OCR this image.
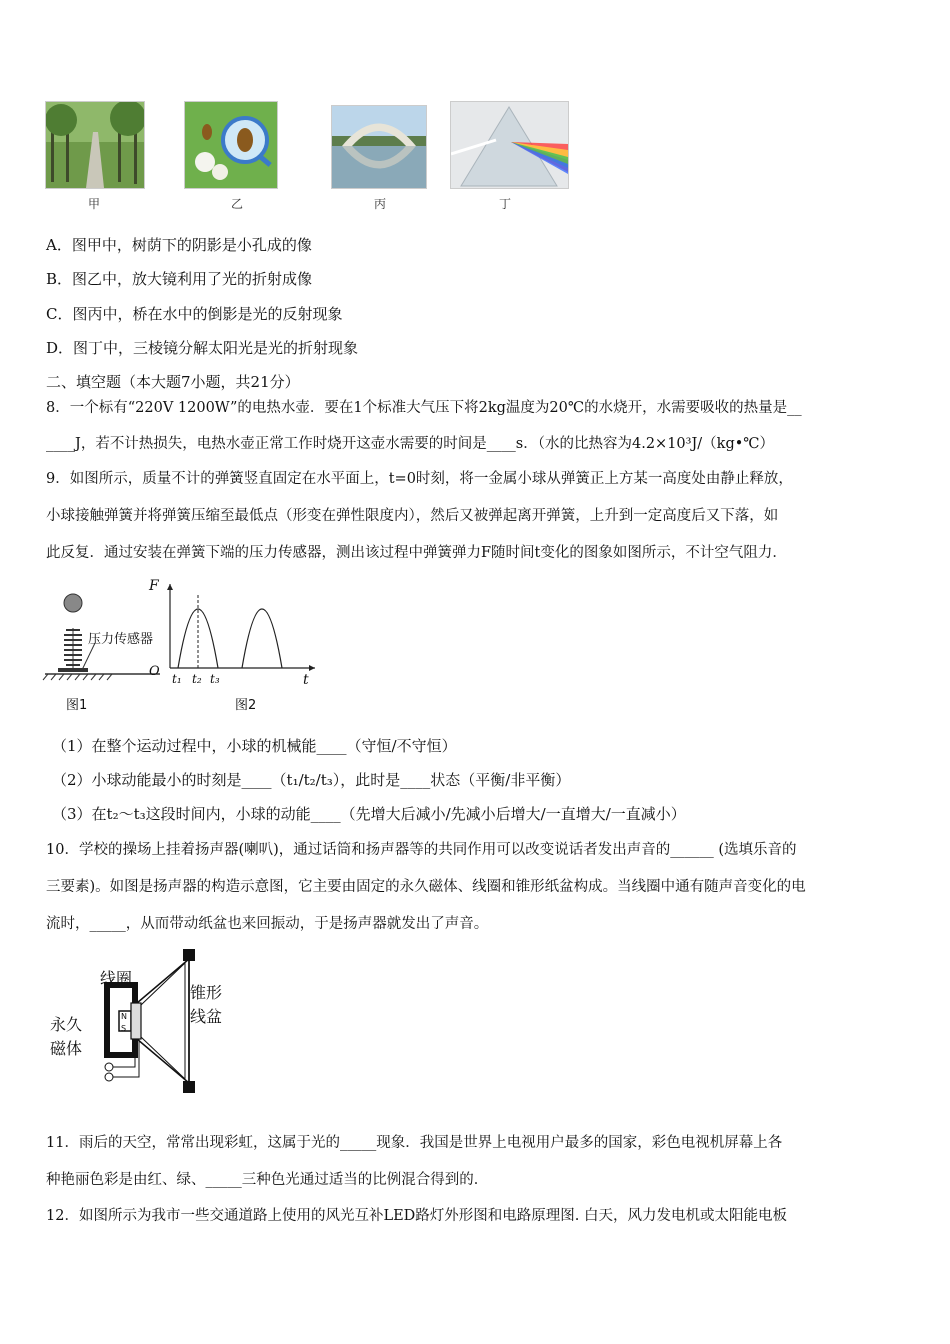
甲	乙	丙	丁
A．图甲中，树荫下的阴影是小孔成的像
B．图乙中，放大镜利用了光的折射成像
C．图丙中，桥在水中的倒影是光的反射现象
D．图丁中，三棱镜分解太阳光是光的折射现象
二、填空题（本大题7小题，共21分）
8．一个标有“220V 1200W”的电热水壶．要在1个标准大气压下将2kg温度为20℃的水烧开，水需要吸收的热量是__
____J，若不计热损失，电热水壶正常工作时烧开这壶水需要的时间是____s．（水的比热容为4.2×10³J/（kg•℃）
9．如图所示，质量不计的弹簧竖直固定在水平面上，t=0时刻，将一金属小球从弹簧正上方某一高度处由静止释放，
小球接触弹簧并将弹簧压缩至最低点（形变在弹性限度内），然后又被弹起离开弹簧，上升到一定高度后又下落，如
此反复．通过安装在弹簧下端的压力传感器，测出该过程中弹簧弹力F随时间t变化的图象如图所示，不计空气阻力．
压力传感器
F
O
t
t₁ t₂ t₃
图1	图2
（1）在整个运动过程中，小球的机械能____（守恒/不守恒）
（2）小球动能最小的时刻是____（t₁/t₂/t₃），此时是____状态（平衡/非平衡）
（3）在t₂～t₃这段时间内，小球的动能____（先增大后减小/先减小后增大/一直增大/一直减小）
10．学校的操场上挂着扬声器(喇叭)，通过话筒和扬声器等的共同作用可以改变说话者发出声音的______ (选填乐音的
三要素)。如图是扬声器的构造示意图，它主要由固定的永久磁体、线圈和锥形纸盆构成。当线圈中通有随声音变化的电
流时，_____，从而带动纸盆也来回振动，于是扬声器就发出了声音。
线圈
锥形
线盆
永久
磁体
N
S
11．雨后的天空，常常出现彩虹，这属于光的_____现象．我国是世界上电视用户最多的国家，彩色电视机屏幕上各
种艳丽色彩是由红、绿、_____三种色光通过适当的比例混合得到的．
12．如图所示为我市一些交通道路上使用的风光互补LED路灯外形图和电路原理图. 白天，风力发电机或太阳能电板
